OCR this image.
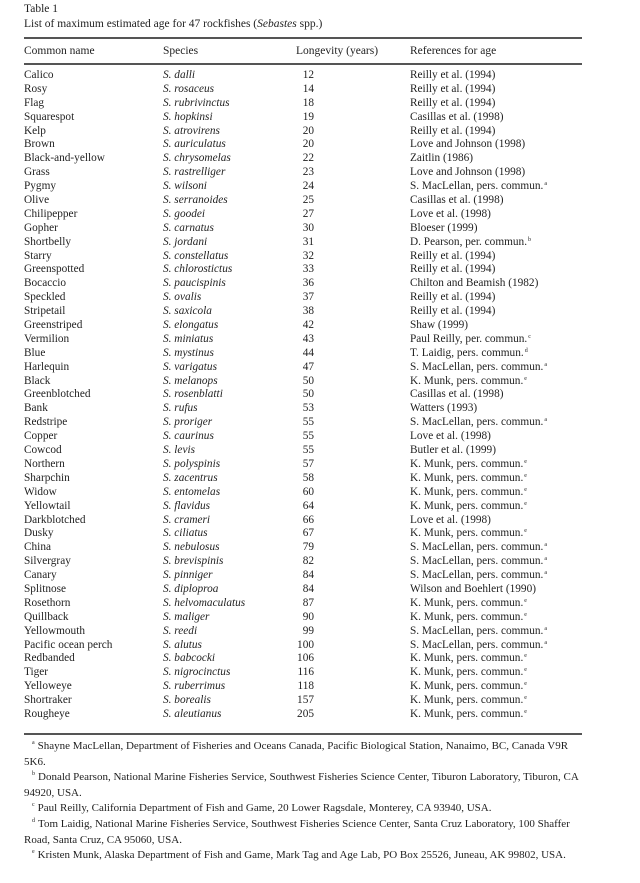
Table 1
List of maximum estimated age for 47 rockfishes (Sebastes spp.)
Common name	Species	Longevity (years)	References for age
Calico	S. dalli	12	Reilly et al. (1994)
Rosy	S. rosaceus	14	Reilly et al. (1994)
Flag	S. rubrivinctus	18	Reilly et al. (1994)
Squarespot	S. hopkinsi	19	Casillas et al. (1998)
Kelp	S. atrovirens	20	Reilly et al. (1994)
Brown	S. auriculatus	20	Love and Johnson (1998)
Black-and-yellow	S. chrysomelas	22	Zaitlin (1986)
Grass	S. rastrelliger	23	Love and Johnson (1998)
Pygmy	S. wilsoni	24	S. MacLellan, pers. commun.$^a$
Olive	S. serranoides	25	Casillas et al. (1998)
Chilipepper	S. goodei	27	Love et al. (1998)
Gopher	S. carnatus	30	Bloeser (1999)
Shortbelly	S. jordani	31	D. Pearson, per. commun.$^b$
Starry	S. constellatus	32	Reilly et al. (1994)
Greenspotted	S. chlorostictus	33	Reilly et al. (1994)
Bocaccio	S. paucispinis	36	Chilton and Beamish (1982)
Speckled	S. ovalis	37	Reilly et al. (1994)
Stripetail	S. saxicola	38	Reilly et al. (1994)
Greenstriped	S. elongatus	42	Shaw (1999)
Vermilion	S. miniatus	43	Paul Reilly, per. commun.$^c$
Blue	S. mystinus	44	T. Laidig, pers. commun.$^d$
Harlequin	S. varigatus	47	S. MacLellan, pers. commun.$^a$
Black	S. melanops	50	K. Munk, pers. commun.$^e$
Greenblotched	S. rosenblatti	50	Casillas et al. (1998)
Bank	S. rufus	53	Watters (1993)
Redstripe	S. proriger	55	S. MacLellan, pers. commun.$^a$
Copper	S. caurinus	55	Love et al. (1998)
Cowcod	S. levis	55	Butler et al. (1999)
Northern	S. polyspinis	57	K. Munk, pers. commun.$^e$
Sharpchin	S. zacentrus	58	K. Munk, pers. commun.$^e$
Widow	S. entomelas	60	K. Munk, pers. commun.$^e$
Yellowtail	S. flavidus	64	K. Munk, pers. commun.$^e$
Darkblotched	S. crameri	66	Love et al. (1998)
Dusky	S. ciliatus	67	K. Munk, pers. commun.$^e$
China	S. nebulosus	79	S. MacLellan, pers. commun.$^a$
Silvergray	S. brevispinis	82	S. MacLellan, pers. commun.$^a$
Canary	S. pinniger	84	S. MacLellan, pers. commun.$^a$
Splitnose	S. diploproa	84	Wilson and Boehlert (1990)
Rosethorn	S. helvomaculatus	87	K. Munk, pers. commun.$^e$
Quillback	S. maliger	90	K. Munk, pers. commun.$^e$
Yellowmouth	S. reedi	99	S. MacLellan, pers. commun.$^a$
Pacific ocean perch	S. alutus	100	S. MacLellan, pers. commun.$^a$
Redbanded	S. babcocki	106	K. Munk, pers. commun.$^e$
Tiger	S. nigrocinctus	116	K. Munk, pers. commun.$^e$
Yelloweye	S. ruberrimus	118	K. Munk, pers. commun.$^e$
Shortraker	S. borealis	157	K. Munk, pers. commun.$^e$
Rougheye	S. aleutianus	205	K. Munk, pers. commun.$^e$
$^a$ Shayne MacLellan, Department of Fisheries and Oceans Canada, Pacific Biological Station, Nanaimo, BC, Canada V9R 5K6.
$^b$ Donald Pearson, National Marine Fisheries Service, Southwest Fisheries Science Center, Tiburon Laboratory, Tiburon, CA 94920, USA.
$^c$ Paul Reilly, California Department of Fish and Game, 20 Lower Ragsdale, Monterey, CA 93940, USA.
$^d$ Tom Laidig, National Marine Fisheries Service, Southwest Fisheries Science Center, Santa Cruz Laboratory, 100 Shaffer Road, Santa Cruz, CA 95060, USA.
$^e$ Kristen Munk, Alaska Department of Fish and Game, Mark Tag and Age Lab, PO Box 25526, Juneau, AK 99802, USA.
